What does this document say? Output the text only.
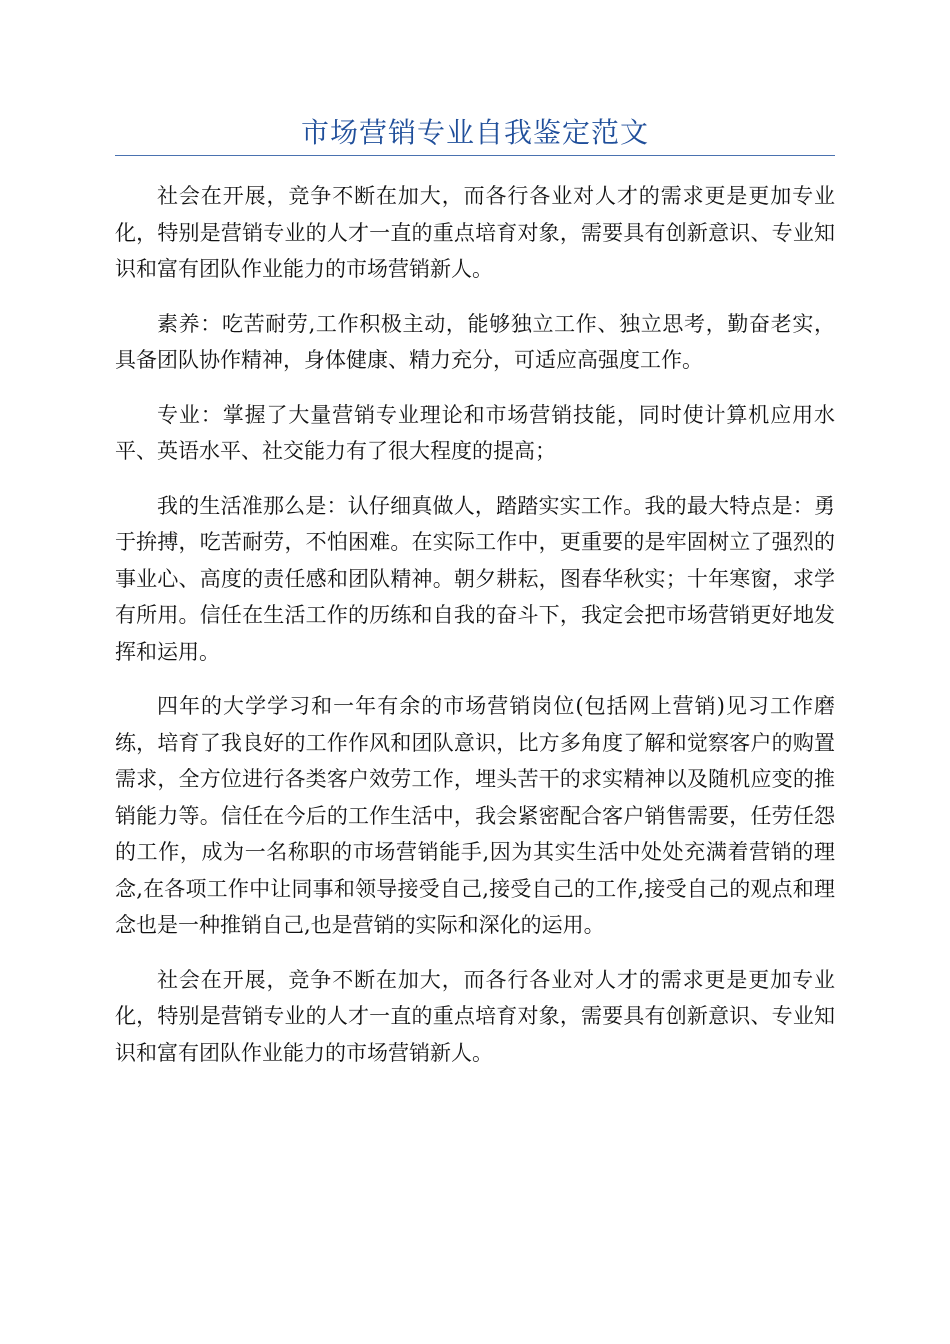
市场营销专业自我鉴定范文

社会在开展，竞争不断在加大，而各行各业对人才的需求更是更加专业化，特别是营销专业的人才一直的重点培育对象，需要具有创新意识、专业知识和富有团队作业能力的市场营销新人。

素养：吃苦耐劳,工作积极主动，能够独立工作、独立思考，勤奋老实，具备团队协作精神，身体健康、精力充分，可适应高强度工作。

专业：掌握了大量营销专业理论和市场营销技能，同时使计算机应用水平、英语水平、社交能力有了很大程度的提高；

我的生活准那么是：认仔细真做人，踏踏实实工作。我的最大特点是：勇于拚搏，吃苦耐劳，不怕困难。在实际工作中，更重要的是牢固树立了强烈的事业心、高度的责任感和团队精神。朝夕耕耘，图春华秋实；十年寒窗，求学有所用。信任在生活工作的历练和自我的奋斗下，我定会把市场营销更好地发挥和运用。

四年的大学学习和一年有余的市场营销岗位(包括网上营销)见习工作磨练，培育了我良好的工作作风和团队意识，比方多角度了解和觉察客户的购置需求，全方位进行各类客户效劳工作，埋头苦干的求实精神以及随机应变的推销能力等。信任在今后的工作生活中，我会紧密配合客户销售需要，任劳任怨的工作，成为一名称职的市场营销能手,因为其实生活中处处充满着营销的理念,在各项工作中让同事和领导接受自己,接受自己的工作,接受自己的观点和理念也是一种推销自己,也是营销的实际和深化的运用。

社会在开展，竞争不断在加大，而各行各业对人才的需求更是更加专业化，特别是营销专业的人才一直的重点培育对象，需要具有创新意识、专业知识和富有团队作业能力的市场营销新人。
